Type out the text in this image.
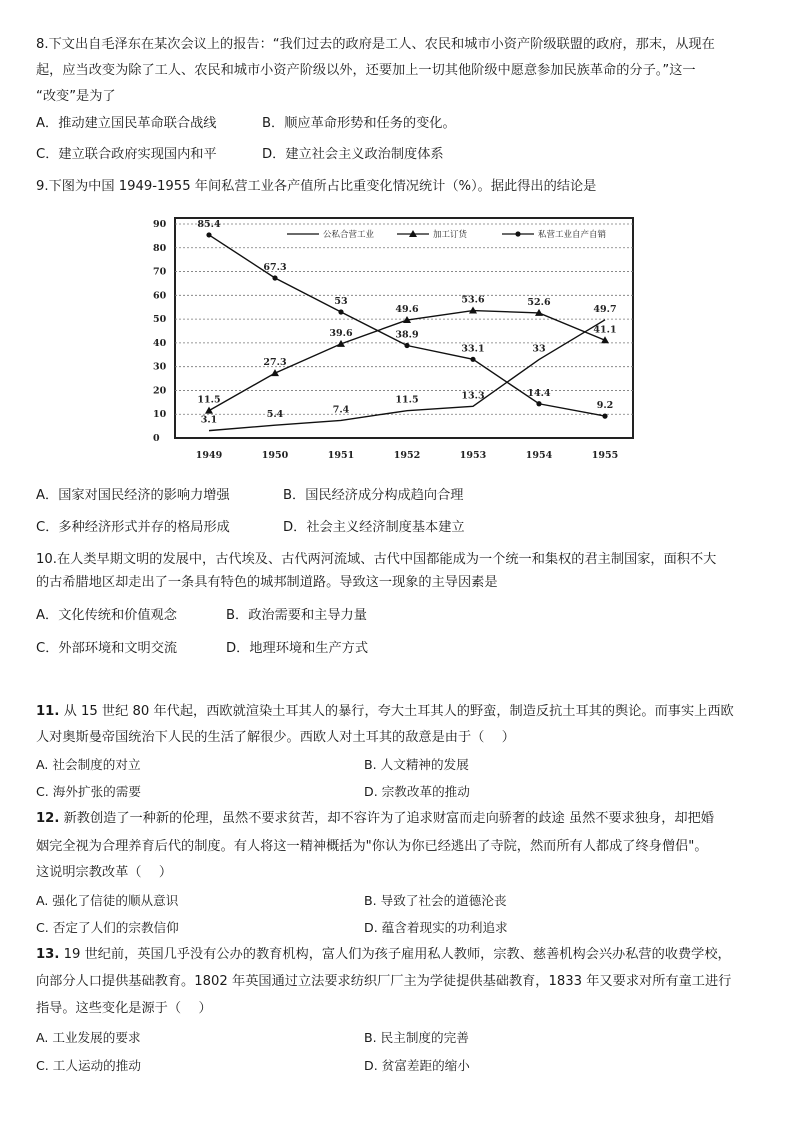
8.下文出自毛泽东在某次会议上的报告：“我们过去的政府是工人、农民和城市小资产阶级联盟的政府，那末，从现在
起，应当改变为除了工人、农民和城市小资产阶级以外，还要加上一切其他阶级中愿意参加民族革命的分子。”这一
“改变”是为了
A．推动建立国民革命联合战线	B．顺应革命形势和任务的变化。
C．建立联合政府实现国内和平	D．建立社会主义政治制度体系
9.下图为中国 1949-1955 年间私营工业各产值所占比重变化情况统计（%）。据此得出的结论是
0
10
20
30
40
50
60
70
80
90
1949	1950	1951	1952	1953	1954	1955
公私合营工业	加工订货	私营工业自产自销
3.1	5.4	7.4
11.5	13.3
33
49.7
11.5
27.3
39.6
49.6
53.6	52.6
41.1
85.4
67.3
53
38.9
33.1
14.4
9.2
A．国家对国民经济的影响力增强	B．国民经济成分构成趋向合理
C．多种经济形式并存的格局形成	D．社会主义经济制度基本建立
10.在人类早期文明的发展中，古代埃及、古代两河流域、古代中国都能成为一个统一和集权的君主制国家，面积不大
的古希腊地区却走出了一条具有特色的城邦制道路。导致这一现象的主导因素是
A．文化传统和价值观念	B．政治需要和主导力量
C．外部环境和文明交流	D．地理环境和生产方式
11. 从 15 世纪 80 年代起，西欧就渲染土耳其人的暴行，夸大土耳其人的野蛮，制造反抗土耳其的舆论。而事实上西欧
人对奥斯曼帝国统治下人民的生活了解很少。西欧人对土耳其的敌意是由于（　 ）
A. 社会制度的对立	B. 人文精神的发展
C. 海外扩张的需要	D. 宗教改革的推动
12. 新教创造了一种新的伦理，虽然不要求贫苦，却不容许为了追求财富而走向骄奢的歧途 虽然不要求独身，却把婚
姻完全视为合理养育后代的制度。有人将这一精神概括为"你认为你已经逃出了寺院，然而所有人都成了终身僧侣"。
这说明宗教改革（　 ）
A. 强化了信徒的顺从意识	B. 导致了社会的道德沦丧
C. 否定了人们的宗教信仰	D. 蕴含着现实的功利追求
13. 19 世纪前，英国几乎没有公办的教育机构，富人们为孩子雇用私人教师，宗教、慈善机构会兴办私营的收费学校，
向部分人口提供基础教育。1802 年英国通过立法要求纺织厂厂主为学徒提供基础教育，1833 年又要求对所有童工进行
指导。这些变化是源于（　 ）
A. 工业发展的要求	B. 民主制度的完善
C. 工人运动的推动	D. 贫富差距的缩小
